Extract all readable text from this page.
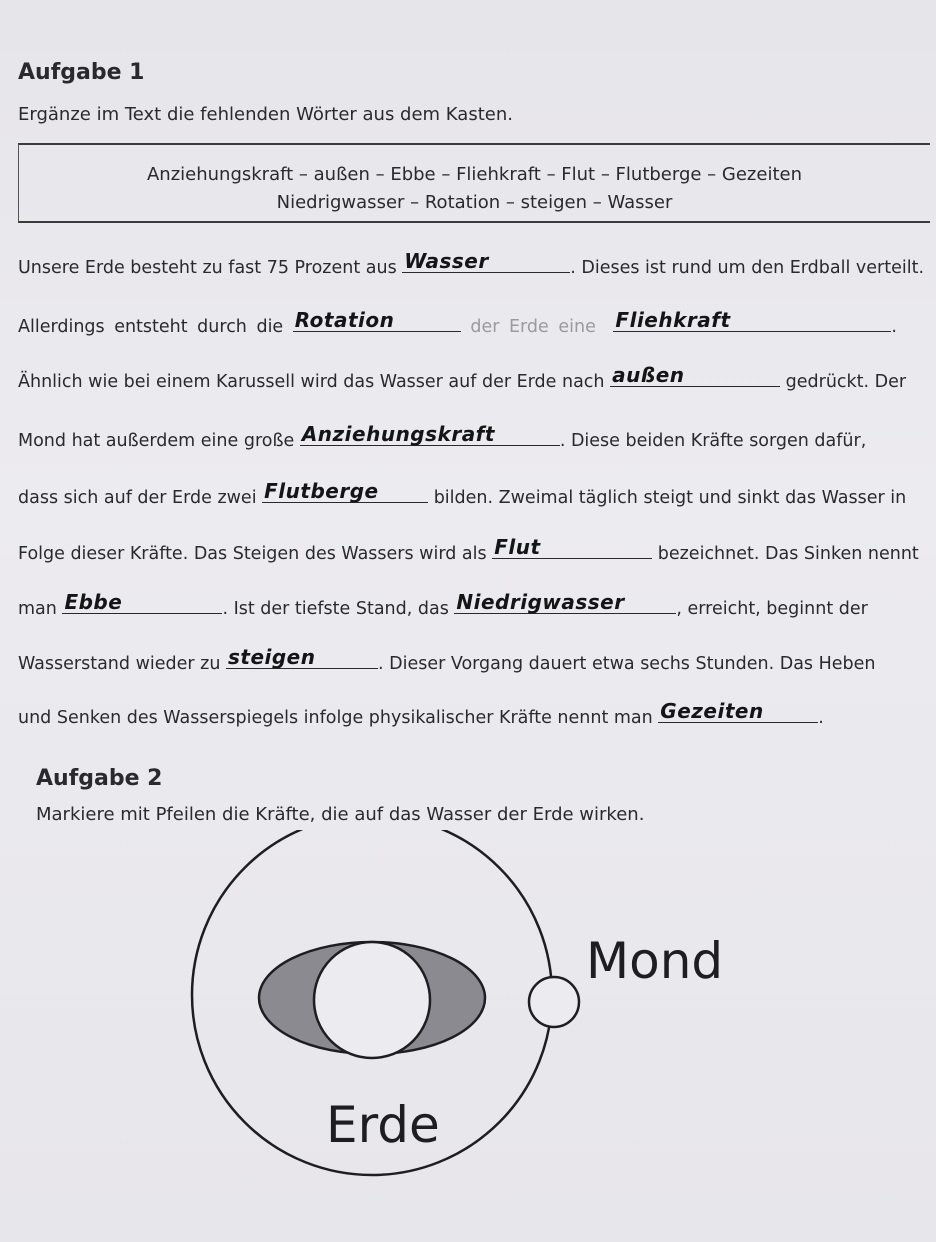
Aufgabe 1
Ergänze im Text die fehlenden Wörter aus dem Kasten.
Anziehungskraft – außen – Ebbe – Fliehkraft – Flut – Flutberge – Gezeiten
Niedrigwasser – Rotation – steigen – Wasser
Unsere Erde besteht zu fast 75 Prozent aus Wasser	. Dieses ist rund um den Erdball verteilt.
Allerdings entsteht durch die Rotation	der Erde eine Fliehkraft	.
Ähnlich wie bei einem Karussell wird das Wasser auf der Erde nach außen	gedrückt. Der
Mond hat außerdem eine große Anziehungskraft	. Diese beiden Kräfte sorgen dafür,
dass sich auf der Erde zwei Flutberge	bilden. Zweimal täglich steigt und sinkt das Wasser in
Folge dieser Kräfte. Das Steigen des Wassers wird als Flut	bezeichnet. Das Sinken nennt
man Ebbe	. Ist der tiefste Stand, das Niedrigwasser	, erreicht, beginnt der
Wasserstand wieder zu steigen	. Dieser Vorgang dauert etwa sechs Stunden. Das Heben
und Senken des Wasserspiegels infolge physikalischer Kräfte nennt man Gezeiten	.
Aufgabe 2
Markiere mit Pfeilen die Kräfte, die auf das Wasser der Erde wirken.
Mond
Erde
